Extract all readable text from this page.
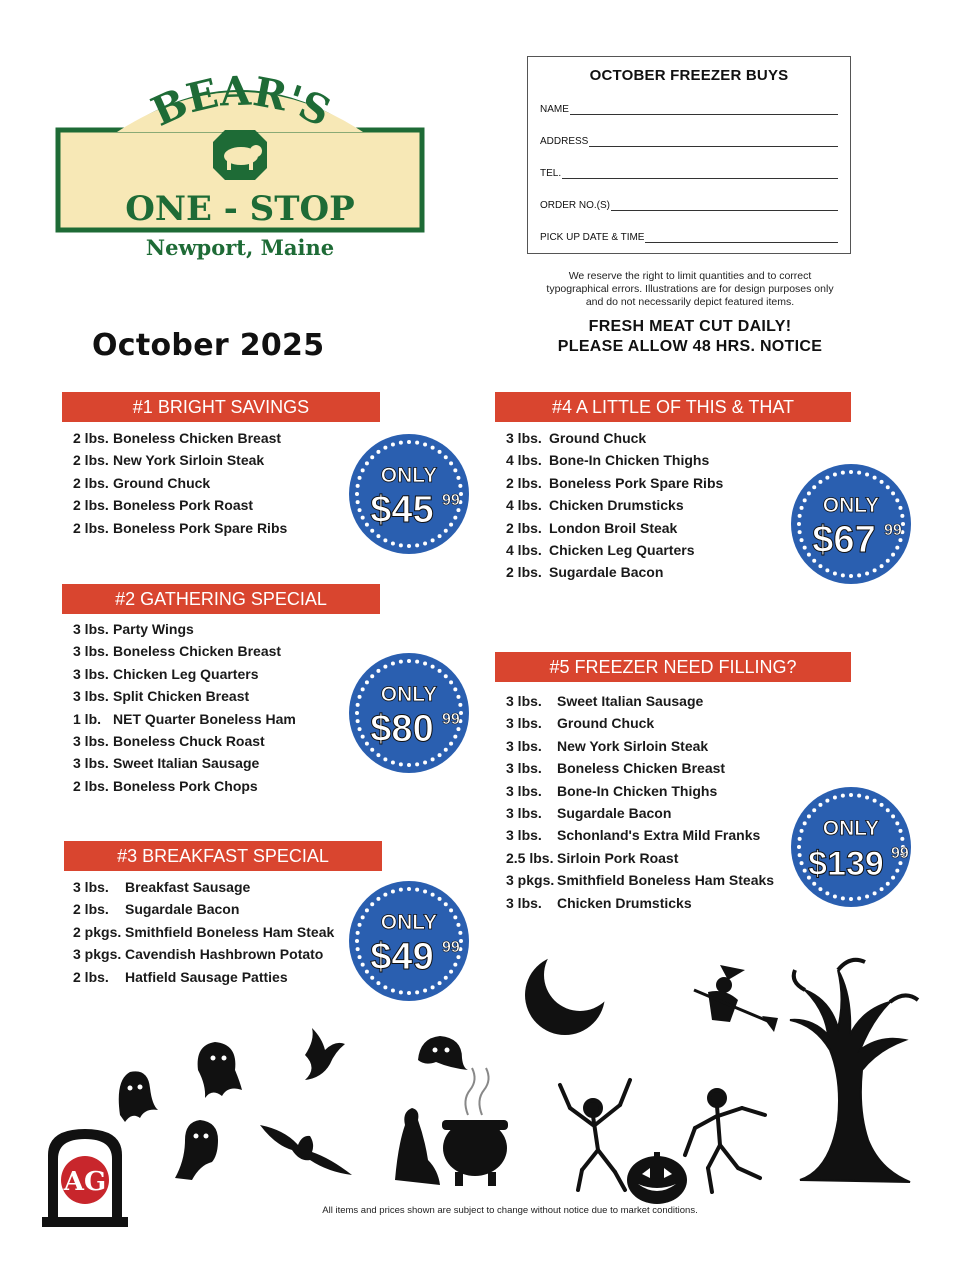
BEAR'S
ONE - STOP
Newport, Maine
OCTOBER FREEZER BUYS
NAME
ADDRESS
TEL.
ORDER NO.(S)
PICK UP DATE & TIME
We reserve the right to limit quantities and to correct
typographical errors. Illustrations are for design purposes only
and do not necessarily depict featured items.
FRESH MEAT CUT DAILY!
PLEASE ALLOW 48 HRS. NOTICE
October 2025
#1 BRIGHT SAVINGS
#2 GATHERING SPECIAL
#3 BREAKFAST SPECIAL
#4 A LITTLE OF THIS & THAT
#5 FREEZER NEED FILLING?
2 lbs. Boneless Chicken Breast
2 lbs. New York Sirloin Steak
2 lbs. Ground Chuck
2 lbs. Boneless Pork Roast
2 lbs. Boneless Pork Spare Ribs
3 lbs. Party Wings
3 lbs. Boneless Chicken Breast
3 lbs. Chicken Leg Quarters
3 lbs. Split Chicken Breast
1 lb. NET Quarter Boneless Ham
3 lbs. Boneless Chuck Roast
3 lbs. Sweet Italian Sausage
2 lbs. Boneless Pork Chops
3 lbs.	Breakfast Sausage
2 lbs.	Sugardale Bacon
2 pkgs. Smithfield Boneless Ham Steak
3 pkgs. Cavendish Hashbrown Potato
2 lbs.	Hatfield Sausage Patties
3 lbs. Ground Chuck
4 lbs. Bone-In Chicken Thighs
2 lbs. Boneless Pork Spare Ribs
4 lbs. Chicken Drumsticks
2 lbs. London Broil Steak
4 lbs. Chicken Leg Quarters
2 lbs. Sugardale Bacon
3 lbs.	Sweet Italian Sausage
3 lbs.	Ground Chuck
3 lbs.	New York Sirloin Steak
3 lbs.	Boneless Chicken Breast
3 lbs.	Bone-In Chicken Thighs
3 lbs.	Sugardale Bacon
3 lbs.	Schonland's Extra Mild Franks
2.5 lbs. Sirloin Pork Roast
3 pkgs. Smithfield Boneless Ham Steaks
3 lbs.	Chicken Drumsticks
ONLY
$45 99
ONLY
$80 99
ONLY
$49 99
ONLY
$67 99
ONLY
$139 99
AG
All items and prices shown are subject to change without notice due to market conditions.
